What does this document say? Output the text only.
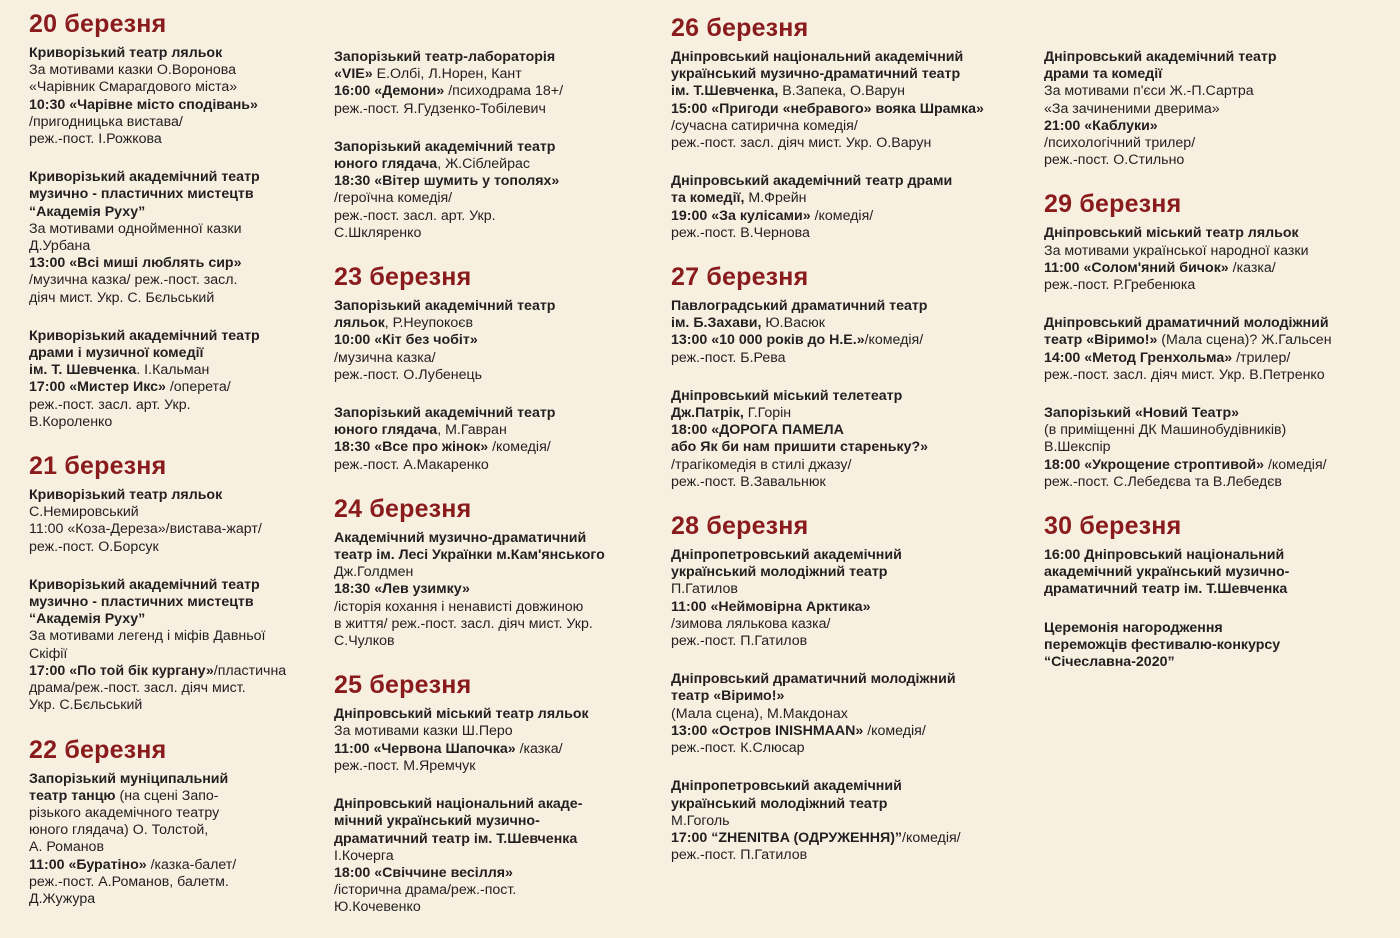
20 березня
Криворізький театр ляльок
За мотивами казки О.Воронова
«Чарівник Смарагдового міста»
10:30 «Чарівне місто сподівань»
/пригодницька вистава/
реж.-пост. І.Рожкова
Криворізький академічний театр
музично - пластичних мистецтв
“Академія Руху”
За мотивами однойменної казки
Д.Урбана
13:00 «Всі миші люблять сир»
/музична казка/ реж.-пост. засл.
діяч мист. Укр. С. Бєльський
Криворізький академічний театр
драми і музичної комедії
ім. Т. Шевченка. І.Кальман
17:00 «Мистер Икс» /оперета/
реж.-пост. засл. арт. Укр.
В.Короленко
21 березня
Криворізький театр ляльок
С.Немировський
11:00 «Коза-Дереза»/вистава-жарт/
реж.-пост. О.Борсук
Криворізький академічний театр
музично - пластичних мистецтв
“Академія Руху”
За мотивами легенд і міфів Давньої
Скіфії
17:00 «По той бік кургану»/пластична
драма/реж.-пост. засл. діяч мист.
Укр. С.Бєльський
22 березня
Запорізький муніципальний
театр танцю (на сцені Запо-
різького академічного театру
юного глядача) О. Толстой,
А. Романов
11:00 «Буратіно» /казка-балет/
реж.-пост. А.Романов, балетм.
Д.Жужура
Запорізький театр-лабораторія
«VIE» Е.Олбі, Л.Норен, Кант
16:00 «Демони» /психодрама 18+/
реж.-пост. Я.Гудзенко-Тобілевич
Запорізький академічний театр
юного глядача, Ж.Сіблейрас
18:30 «Вітер шумить у тополях»
/героїчна комедія/
реж.-пост. засл. арт. Укр.
С.Шкляренко
23 березня
Запорізький академічний театр
ляльок, Р.Неупокоєв
10:00 «Кіт без чобіт»
/музична казка/
реж.-пост. О.Лубенець
Запорізький академічний театр
юного глядача, М.Гавран
18:30 «Все про жінок» /комедія/
реж.-пост. А.Макаренко
24 березня
Академічний музично-драматичний
театр ім. Лесі Українки м.Кам'янського
Дж.Голдмен
18:30 «Лев узимку»
/історія кохання і ненависті довжиною
в життя/ реж.-пост. засл. діяч мист. Укр.
С.Чулков
25 березня
Дніпровський міський театр ляльок
За мотивами казки Ш.Перо
11:00 «Червона Шапочка» /казка/
реж.-пост. М.Яремчук
Дніпровський національний акаде-
мічний український музично-
драматичний театр ім. Т.Шевченка
І.Кочерга
18:00 «Свiччине весілля»
/історична драма/реж.-пост.
Ю.Кочевенко
26 березня
Дніпровський національний академічний
український музично-драматичний театр
ім. Т.Шевченка, В.Запека, О.Варун
15:00 «Пригоди «небравого» вояка Шрамка»
/сучасна сатирична комедія/
реж.-пост. засл. діяч мист. Укр. О.Варун
Дніпровський академічний театр драми
та комедії, М.Фрейн
19:00 «За кулісами» /комедія/
реж.-пост. В.Чернова
27 березня
Павлоградський драматичний театр
ім. Б.Захави, Ю.Васюк
13:00 «10 000 років до Н.Е.»/комедія/
реж.-пост. Б.Рева
Дніпровський міський телетеатр
Дж.Патрік, Г.Горін
18:00 «ДОРОГА ПАМЕЛА
або Як би нам пришити стареньку?»
/трагікомедія в стилі джазу/
реж.-пост. В.Завальнюк
28 березня
Дніпропетровський академічний
український молодіжний театр
П.Гатилов
11:00 «Неймовірна Арктика»
/зимова лялькова казка/
реж.-пост. П.Гатилов
Дніпровський драматичний молодіжний
театр «Віримо!»
(Мала сцена), М.Макдонах
13:00 «Остров INISHMAAN» /комедія/
реж.-пост. К.Слюсар
Дніпропетровський академічний
український молодіжний театр
М.Гоголь
17:00 “ZHENITBA (ОДРУЖЕННЯ)”/комедія/
реж.-пост. П.Гатилов
Дніпровський академічний театр
драми та комедії
За мотивами п'єси Ж.-П.Сартра
«За зачиненими дверима»
21:00 «Каблуки»
/психологічний трилер/
реж.-пост. О.Стильно
29 березня
Дніпровський міський театр ляльок
За мотивами української народної казки
11:00 «Солом'яний бичок» /казка/
реж.-пост. Р.Гребенюка
Дніпровський драматичний молодіжний
театр «Віримо!» (Мала сцена)? Ж.Гальсен
14:00 «Метод Гренхольма» /трилер/
реж.-пост. засл. діяч мист. Укр. В.Петренко
Запорізький «Новий Театр»
(в приміщенні ДК Машинобудівників)
В.Шекспір
18:00 «Укрощение строптивой» /комедія/
реж.-пост. С.Лебедєва та В.Лебедєв
30 березня
16:00 Дніпровський національний
академічний український музично-
драматичний театр ім. Т.Шевченка
Церемонія нагородження
переможців фестивалю-конкурсу
“Січеславна-2020”
